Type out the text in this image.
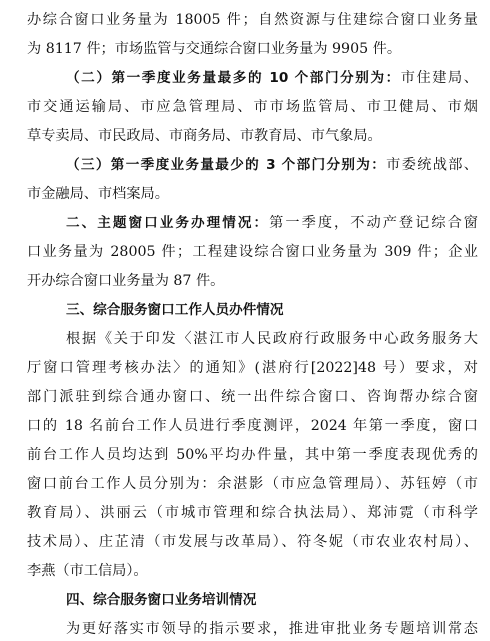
办综合窗口业务量为 18005 件；自然资源与住建综合窗口业务量
为 8117 件；市场监管与交通综合窗口业务量为 9905 件。
（二）第一季度业务量最多的 10 个部门分别为：市住建局、
市交通运输局、市应急管理局、市市场监管局、市卫健局、市烟
草专卖局、市民政局、市商务局、市教育局、市气象局。
（三）第一季度业务量最少的 3 个部门分别为：市委统战部、
市金融局、市档案局。
二、主题窗口业务办理情况：第一季度，不动产登记综合窗
口业务量为 28005 件；工程建设综合窗口业务量为 309 件；企业
开办综合窗口业务量为 87 件。
三、综合服务窗口工作人员办件情况
根据《关于印发〈湛江市人民政府行政服务中心政务服务大
厅窗口管理考核办法〉的通知》(湛府行[2022]48 号）要求，对
部门派驻到综合通办窗口、统一出件综合窗口、咨询帮办综合窗
口的 18 名前台工作人员进行季度测评，2024 年第一季度，窗口
前台工作人员均达到 50%平均办件量，其中第一季度表现优秀的
窗口前台工作人员分别为：余湛影（市应急管理局）、苏钰婷（市
教育局）、洪丽云（市城市管理和综合执法局）、郑沛霓（市科学
技术局）、庄芷清（市发展与改革局）、符冬妮（市农业农村局）、
李燕（市工信局）。
四、综合服务窗口业务培训情况
为更好落实市领导的指示要求，推进审批业务专题培训常态
